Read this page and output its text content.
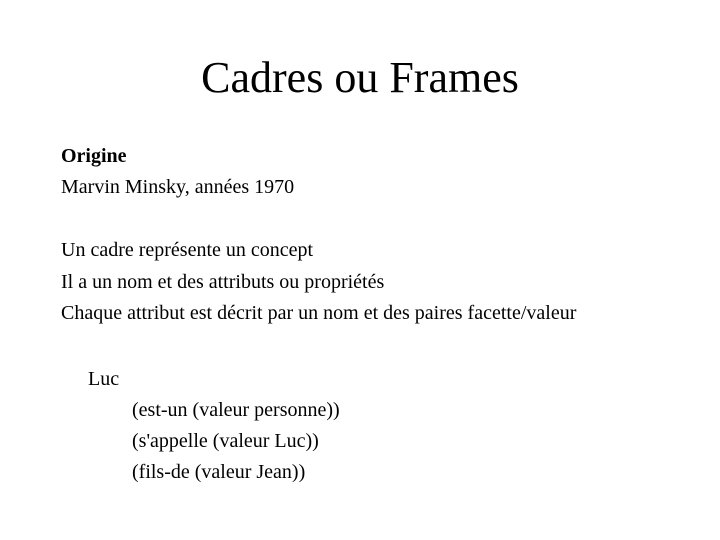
Cadres ou Frames
Origine
Marvin Minsky, années 1970
Un cadre représente un concept
Il a un nom et des attributs ou propriétés
Chaque attribut est décrit par un nom et des paires facette/valeur
Luc
(est-un (valeur personne))
(s'appelle (valeur Luc))
(fils-de (valeur Jean))
